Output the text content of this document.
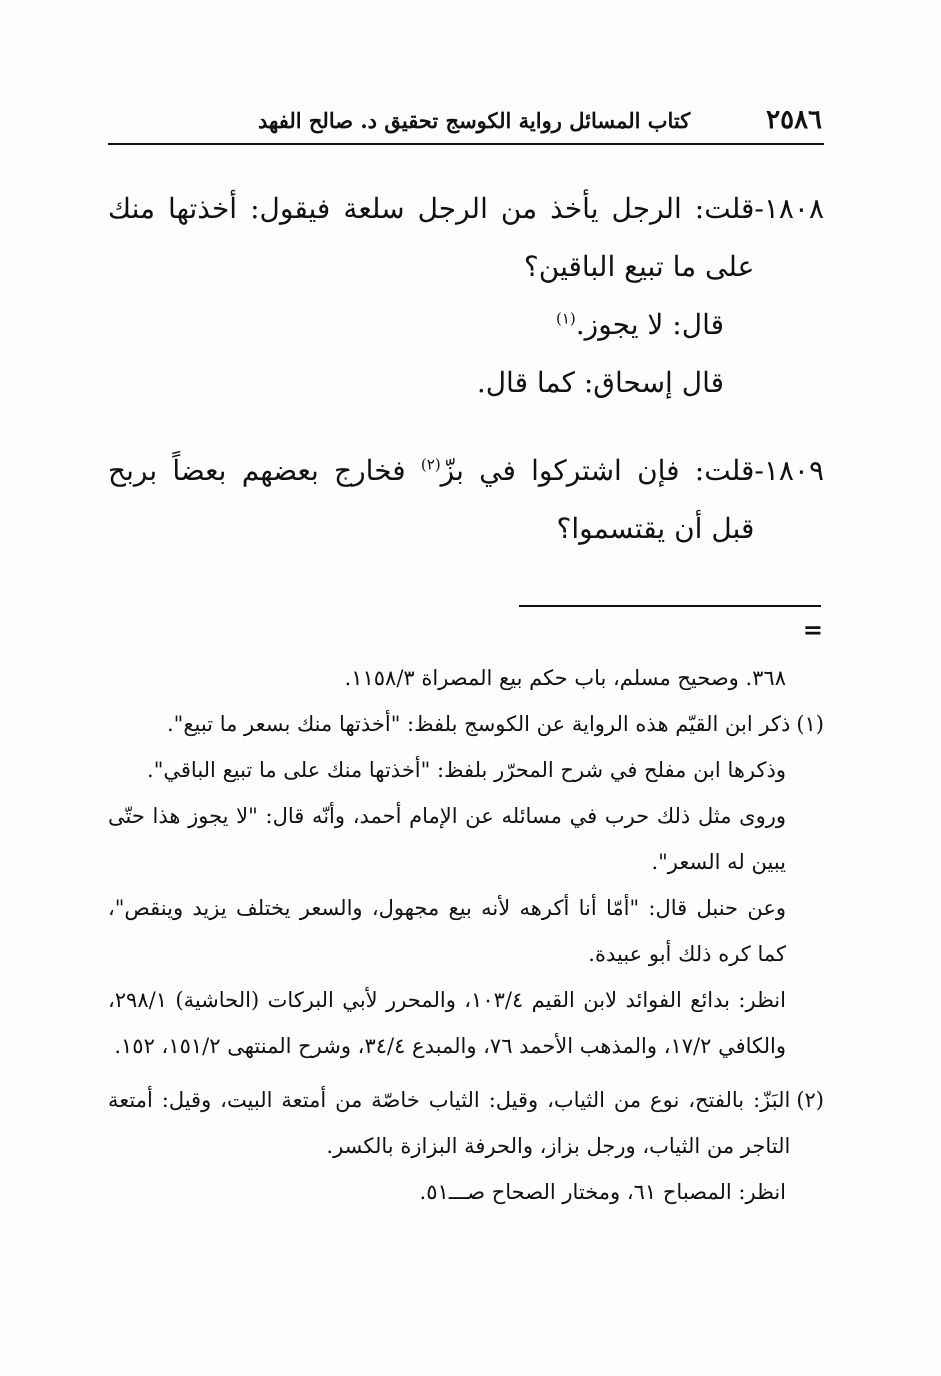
٢٥٨٦
كتاب المسائل رواية الكوسج تحقيق د. صالح الفهد
١٨٠٨-
قلت: الرجل يأخذ من الرجل سلعة فيقول: أخذتها منك على ما تبيع الباقين؟
قال: لا يجوز.$^{(١)}$
قال إسحاق: كما قال.
١٨٠٩-
قلت: فإن اشتركوا في بزّ$^{(٢)}$ فخارج بعضهم بعضاً بربح قبل أن يقتسموا؟
=
٣٦٨. وصحيح مسلم، باب حكم بيع المصراة ١١٥٨/٣.
(١)
ذكر ابن القيّم هذه الرواية عن الكوسج بلفظ: "أخذتها منك بسعر ما تبيع".
وذكرها ابن مفلح في شرح المحرّر بلفظ: "أخذتها منك على ما تبيع الباقي".
وروى مثل ذلك حرب في مسائله عن الإمام أحمد، وأنّه قال: "لا يجوز هذا حتّى يبين له السعر".
وعن حنبل قال: "أمّا أنا أكرهه لأنه بيع مجهول، والسعر يختلف يزيد وينقص"، كما كره ذلك أبو عبيدة.
انظر: بدائع الفوائد لابن القيم ١٠٣/٤، والمحرر لأبي البركات (الحاشية) ٢٩٨/١، والكافي ١٧/٢، والمذهب الأحمد ٧٦، والمبدع ٣٤/٤، وشرح المنتهى ١٥١/٢، ١٥٢.
(٢)
البَزّ: بالفتح، نوع من الثياب، وقيل: الثياب خاصّة من أمتعة البيت، وقيل: أمتعة التاجر من الثياب، ورجل بزاز، والحرفة البزازة بالكسر.
انظر: المصباح ٦١، ومختار الصحاح صـــ٥١.
